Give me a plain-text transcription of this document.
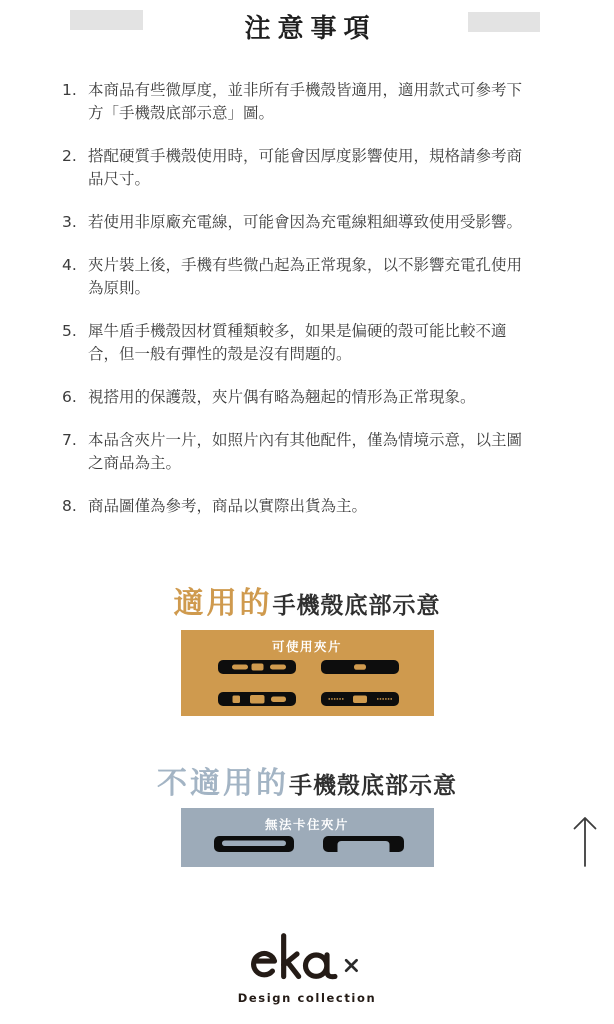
注意事項
1. 本商品有些微厚度，並非所有手機殼皆適用，適用款式可參考下方「手機殼底部示意」圖。
2. 搭配硬質手機殼使用時，可能會因厚度影響使用，規格請參考商品尺寸。
3. 若使用非原廠充電線，可能會因為充電線粗細導致使用受影響。
4. 夾片裝上後，手機有些微凸起為正常現象，以不影響充電孔使用為原則。
5. 犀牛盾手機殼因材質種類較多，如果是偏硬的殼可能比較不適合，但一般有彈性的殼是沒有問題的。
6. 視搭用的保護殼，夾片偶有略為翹起的情形為正常現象。
7. 本品含夾片一片，如照片內有其他配件，僅為情境示意，以主圖之商品為主。
8. 商品圖僅為參考，商品以實際出貨為主。
適用的手機殼底部示意
可使用夾片
不適用的手機殼底部示意
無法卡住夾片
Design collection
